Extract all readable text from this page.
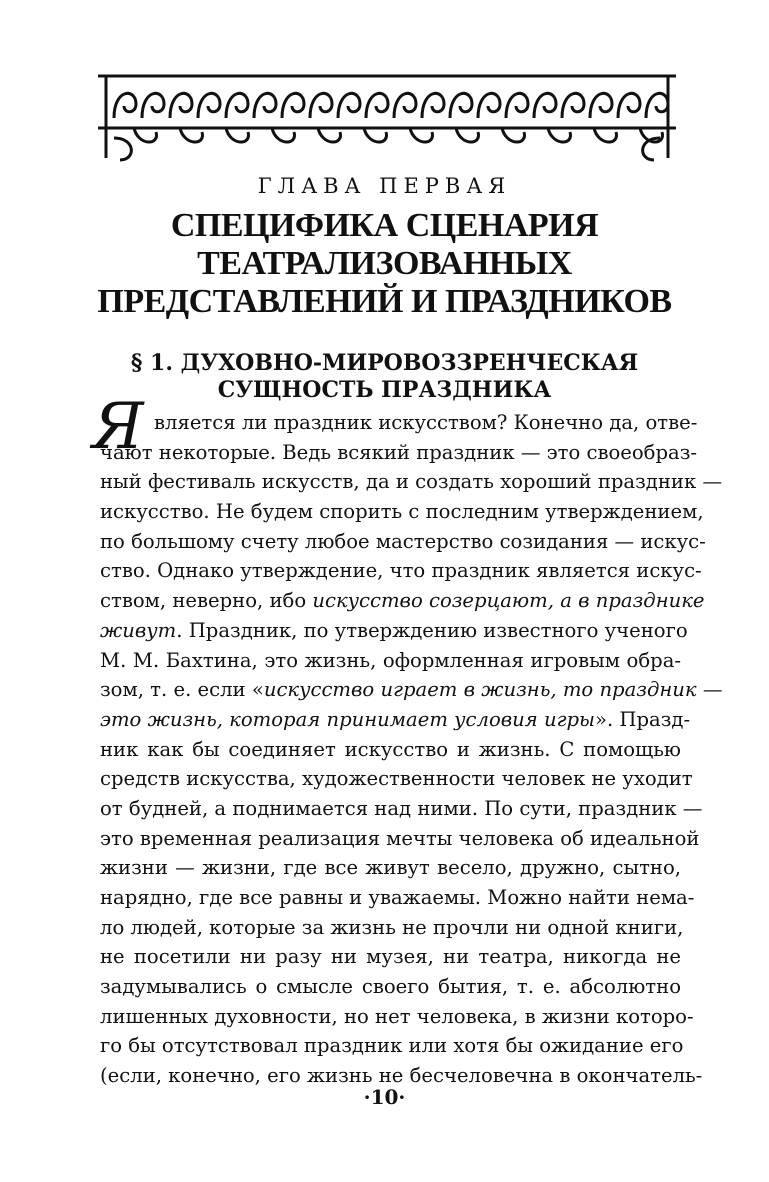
ГЛАВА ПЕРВАЯ
СПЕЦИФИКА СЦЕНАРИЯ
ТЕАТРАЛИЗОВАННЫХ
ПРЕДСТАВЛЕНИЙ И ПРАЗДНИКОВ
§ 1. ДУХОВНО-МИРОВОЗЗРЕНЧЕСКАЯ
СУЩНОСТЬ ПРАЗДНИКА
Я вляется ли праздник искусством? Конечно да, отве-
чают некоторые. Ведь всякий праздник — это своеобраз-
ный фестиваль искусств, да и создать хороший праздник —
искусство. Не будем спорить с последним утверждением,
по большому счету любое мастерство созидания — искус-
ство. Однако утверждение, что праздник является искус-
ством, неверно, ибо искусство созерцают, а в празднике
живут. Праздник, по утверждению известного ученого
М. М. Бахтина, это жизнь, оформленная игровым обра-
зом, т. е. если «искусство играет в жизнь, то праздник —
это жизнь, которая принимает условия игры». Празд-
ник как бы соединяет искусство и жизнь. С помощью
средств искусства, художественности человек не уходит
от будней, а поднимается над ними. По сути, праздник —
это временная реализация мечты человека об идеальной
жизни — жизни, где все живут весело, дружно, сытно,
нарядно, где все равны и уважаемы. Можно найти нема-
ло людей, которые за жизнь не прочли ни одной книги,
не посетили ни разу ни музея, ни театра, никогда не
задумывались о смысле своего бытия, т. е. абсолютно
лишенных духовности, но нет человека, в жизни которо-
го бы отсутствовал праздник или хотя бы ожидание его
(если, конечно, его жизнь не бесчеловечна в окончатель-
·10·
